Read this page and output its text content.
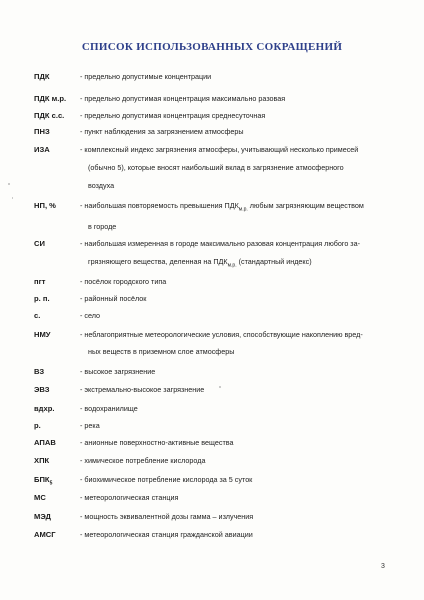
СПИСОК ИСПОЛЬЗОВАННЫХ СОКРАЩЕНИЙ
ПДК	- предельно допустимые концентрации
ПДК м.р. - предельно допустимая концентрация максимально разовая
ПДК с.с. - предельно допустимая концентрация среднесуточная
ПНЗ	- пункт наблюдения за загрязнением атмосферы
ИЗА	- комплексный индекс загрязнения атмосферы, учитывающий несколько примесей
(обычно 5), которые вносят наибольший вклад в загрязнение атмосферного
воздуха
НП, %	- наибольшая повторяемость превышения $ПДК_{м.р.}$ любым загрязняющим веществом
в городе
СИ	- наибольшая измеренная в городе максимально разовая концентрация любого за-
грязняющего вещества, деленная на $ПДК_{м.р.}$ (стандартный индекс)
пгт	- посёлок городского типа
р. п.	- районный посёлок
с.	- село
НМУ	- неблагоприятные метеорологические условия, способствующие накоплению вред-
ных веществ в приземном слое атмосферы
ВЗ	- высокое загрязнение
ЭВЗ	- экстремально-высокое загрязнение
вдхр.	- водохранилище
р.	- река
АПАВ	- анионные поверхностно-активные вещества
ХПК	- химическое потребление кислорода
$БПК_5$	- биохимическое потребление кислорода за 5 суток
МС	- метеорологическая станция
МЭД	- мощность эквивалентной дозы гамма – излучения
АМСГ	- метеорологическая станция гражданской авиации
3
